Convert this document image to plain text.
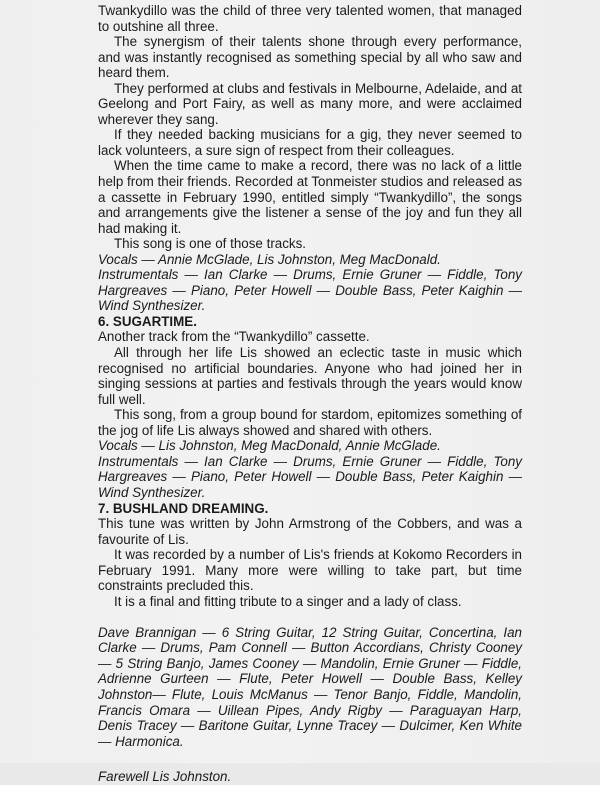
Twankydillo was the child of three very talented women, that managed to outshine all three.

The synergism of their talents shone through every performance, and was instantly recognised as something special by all who saw and heard them.

They performed at clubs and festivals in Melbourne, Adelaide, and at Geelong and Port Fairy, as well as many more, and were acclaimed wherever they sang.

If they needed backing musicians for a gig, they never seemed to lack volunteers, a sure sign of respect from their colleagues.

When the time came to make a record, there was no lack of a little help from their friends. Recorded at Tonmeister studios and released as a cassette in February 1990, entitled simply “Twankydillo”, the songs and arrangements give the listener a sense of the joy and fun they all had making it.

This song is one of those tracks.

Vocals — Annie McGlade, Lis Johnston, Meg MacDonald.

Instrumentals — Ian Clarke — Drums, Ernie Gruner — Fiddle, Tony Hargreaves — Piano, Peter Howell — Double Bass, Peter Kaighin — Wind Synthesizer.

6. SUGARTIME.

Another track from the “Twankydillo” cassette.

All through her life Lis showed an eclectic taste in music which recognised no artificial boundaries. Anyone who had joined her in singing sessions at parties and festivals through the years would know full well.

This song, from a group bound for stardom, epitomizes something of the jog of life Lis always showed and shared with others.

Vocals — Lis Johnston, Meg MacDonald, Annie McGlade.

Instrumentals — Ian Clarke — Drums, Ernie Gruner — Fiddle, Tony Hargreaves — Piano, Peter Howell — Double Bass, Peter Kaighin — Wind Synthesizer.

7. BUSHLAND DREAMING.

This tune was written by John Armstrong of the Cobbers, and was a favourite of Lis.

It was recorded by a number of Lis's friends at Kokomo Recorders in February 1991. Many more were willing to take part, but time constraints precluded this.

It is a final and fitting tribute to a singer and a lady of class.

Dave Brannigan — 6 String Guitar, 12 String Guitar, Concertina, Ian Clarke — Drums, Pam Connell — Button Accordians, Christy Cooney — 5 String Banjo, James Cooney — Mandolin, Ernie Gruner — Fiddle, Adrienne Gurteen — Flute, Peter Howell — Double Bass, Kelley Johnston— Flute, Louis McManus — Tenor Banjo, Fiddle, Mandolin, Francis Omara — Uillean Pipes, Andy Rigby — Paraguayan Harp, Denis Tracey — Baritone Guitar, Lynne Tracey — Dulcimer, Ken White — Harmonica.

Farewell Lis Johnston.
